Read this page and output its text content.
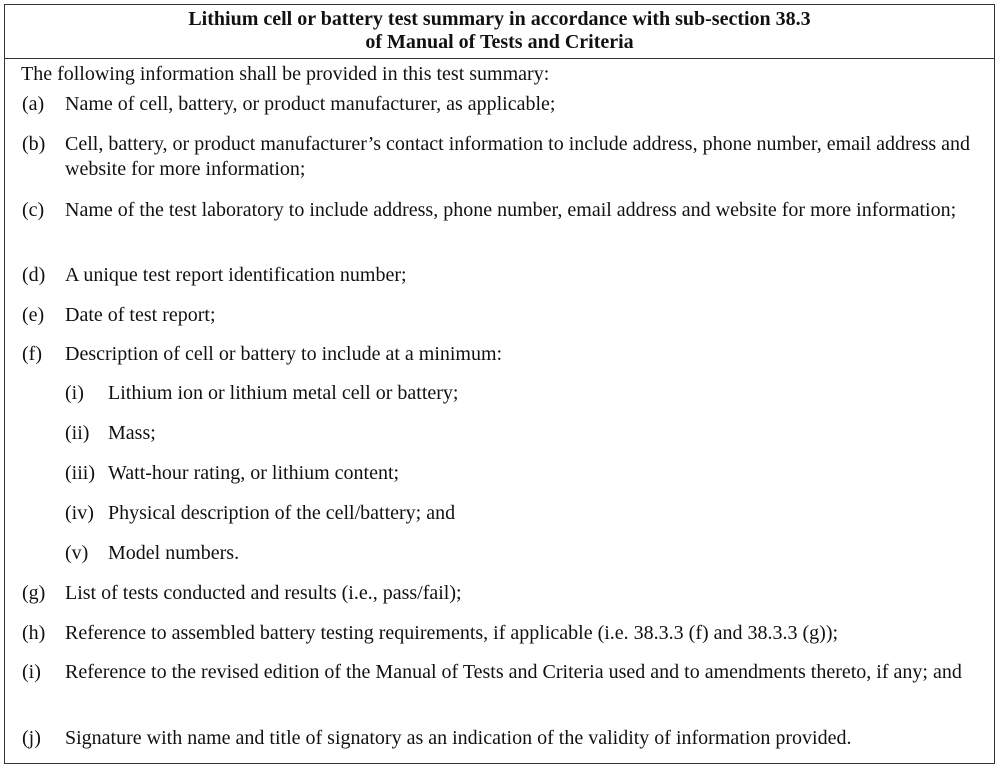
Lithium cell or battery test summary in accordance with sub-section 38.3
of Manual of Tests and Criteria
The following information shall be provided in this test summary:
(a) Name of cell, battery, or product manufacturer, as applicable;
(b) Cell, battery, or product manufacturer’s contact information to include address, phone number, email address and website for more information;
(c) Name of the test laboratory to include address, phone number, email address and website for more information;
(d) A unique test report identification number;
(e) Date of test report;
(f) Description of cell or battery to include at a minimum:
(i) Lithium ion or lithium metal cell or battery;
(ii) Mass;
(iii) Watt-hour rating, or lithium content;
(iv) Physical description of the cell/battery; and
(v) Model numbers.
(g) List of tests conducted and results (i.e., pass/fail);
(h) Reference to assembled battery testing requirements, if applicable (i.e. 38.3.3 (f) and 38.3.3 (g));
(i) Reference to the revised edition of the Manual of Tests and Criteria used and to amendments thereto, if any; and
(j) Signature with name and title of signatory as an indication of the validity of information provided.
